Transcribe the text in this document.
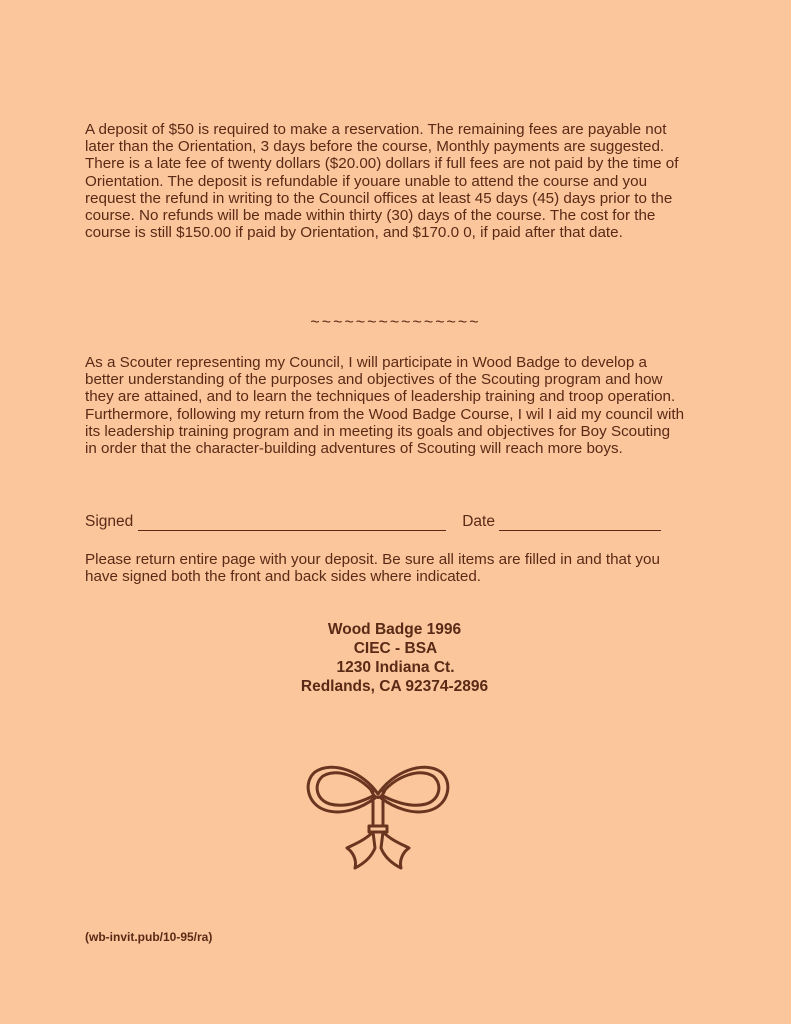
A deposit of $50 is required to make a reservation. The remaining fees are payable not later than the Orientation, 3 days before the course, Monthly payments are suggested. There is a late fee of twenty dollars ($20.00) dollars if full fees are not paid by the time of Orientation. The deposit is refundable if youare unable to attend the course and you request the refund in writing to the Council offices at least 45 days (45) days prior to the course. No refunds will be made within thirty (30) days of the course. The cost for the course is still $150.00 if paid by Orientation, and $170.0 0, if paid after that date.

~~~~~~~~~~~~~~~

As a Scouter representing my Council, I will participate in Wood Badge to develop a better understanding of the purposes and objectives of the Scouting program and how they are attained, and to learn the techniques of leadership training and troop operation. Furthermore, following my return from the Wood Badge Course, I wil I aid my council with its leadership training program and in meeting its goals and objectives for Boy Scouting in order that the character-building adventures of Scouting will reach more boys.

Signed	Date

Please return entire page with your deposit. Be sure all items are filled in and that you have signed both the front and back sides where indicated.

Wood Badge 1996
CIEC - BSA
1230 Indiana Ct.
Redlands, CA 92374-2896
(wb-invit.pub/10-95/ra)
